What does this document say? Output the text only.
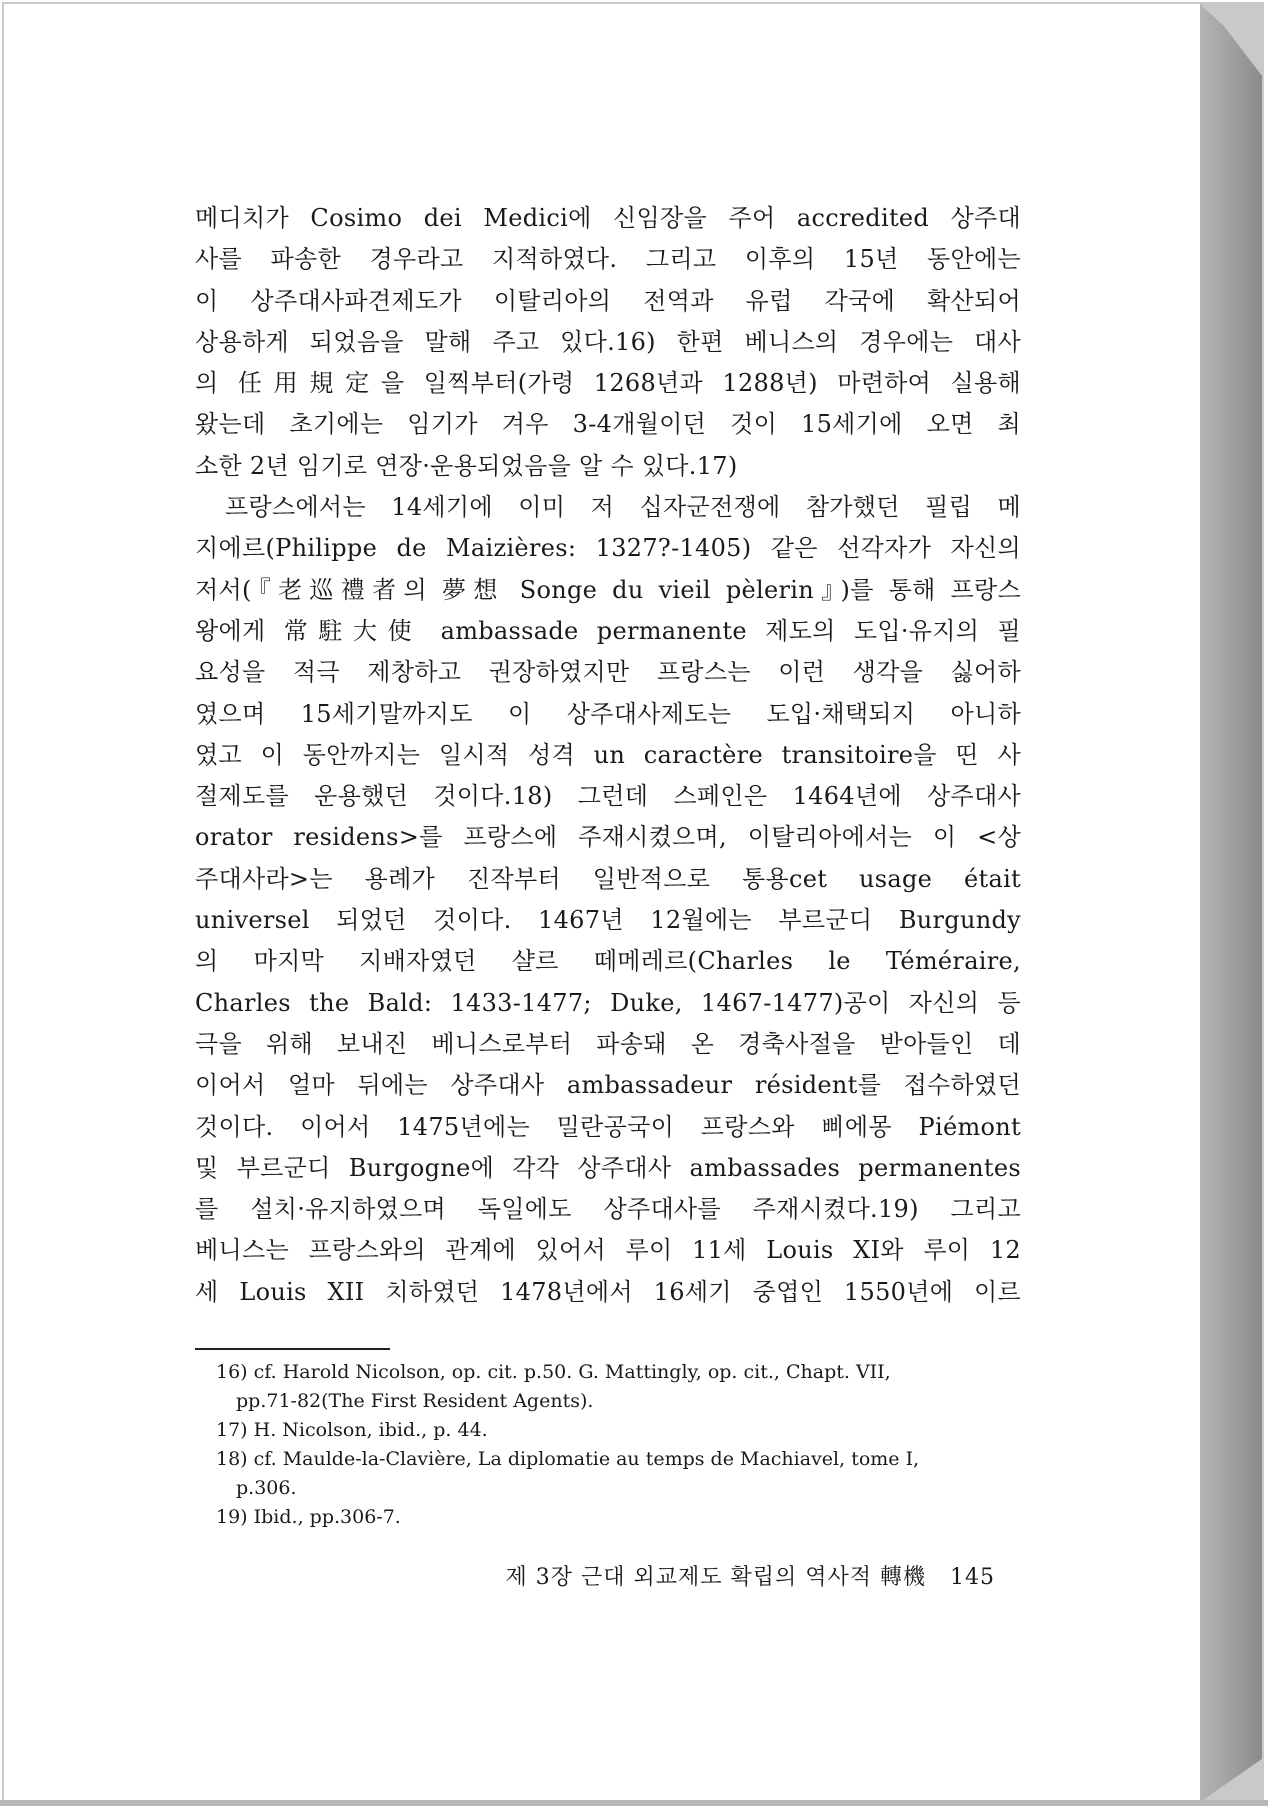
메디치가 Cosimo dei Medici에 신임장을 주어 accredited 상주대
사를 파송한 경우라고 지적하였다. 그리고 이후의 15년 동안에는
이 상주대사파견제도가 이탈리아의 전역과 유럽 각국에 확산되어
상용하게 되었음을 말해 주고 있다.16) 한편 베니스의 경우에는 대사
의 任用規定을 일찍부터(가령 1268년과 1288년) 마련하여 실용해
왔는데 초기에는 임기가 겨우 3-4개월이던 것이 15세기에 오면 최
소한 2년 임기로 연장·운용되었음을 알 수 있다.17)
프랑스에서는 14세기에 이미 저 십자군전쟁에 참가했던 필립 메
지에르(Philippe de Maizières: 1327?-1405) 같은 선각자가 자신의
저서(『老巡禮者의 夢想 Songe du vieil pèlerin』)를 통해 프랑스
왕에게 常駐大使 ambassade permanente 제도의 도입·유지의 필
요성을 적극 제창하고 권장하였지만 프랑스는 이런 생각을 싫어하
였으며 15세기말까지도 이 상주대사제도는 도입·채택되지 아니하
였고 이 동안까지는 일시적 성격 un caractère transitoire을 띤 사
절제도를 운용했던 것이다.18) 그런데 스페인은 1464년에 상주대사
orator residens>를 프랑스에 주재시켰으며, 이탈리아에서는 이 <상
주대사라>는 용례가 진작부터 일반적으로 통용cet usage était
universel 되었던 것이다. 1467년 12월에는 부르군디 Burgundy
의 마지막 지배자였던 샬르 떼메레르(Charles le Téméraire,
Charles the Bald: 1433-1477; Duke, 1467-1477)공이 자신의 등
극을 위해 보내진 베니스로부터 파송돼 온 경축사절을 받아들인 데
이어서 얼마 뒤에는 상주대사 ambassadeur résident를 접수하였던
것이다. 이어서 1475년에는 밀란공국이 프랑스와 삐에몽 Piémont
및 부르군디 Burgogne에 각각 상주대사 ambassades permanentes
를 설치·유지하였으며 독일에도 상주대사를 주재시켰다.19) 그리고
베니스는 프랑스와의 관계에 있어서 루이 11세 Louis XI와 루이 12
세 Louis XII 치하였던 1478년에서 16세기 중엽인 1550년에 이르
16) cf. Harold Nicolson, op. cit. p.50. G. Mattingly, op. cit., Chapt. VII,
pp.71-82(The First Resident Agents).
17) H. Nicolson, ibid., p. 44.
18) cf. Maulde-la-Clavière, La diplomatie au temps de Machiavel, tome I,
p.306.
19) Ibid., pp.306-7.
제 3장 근대 외교제도 확립의 역사적 轉機 145
